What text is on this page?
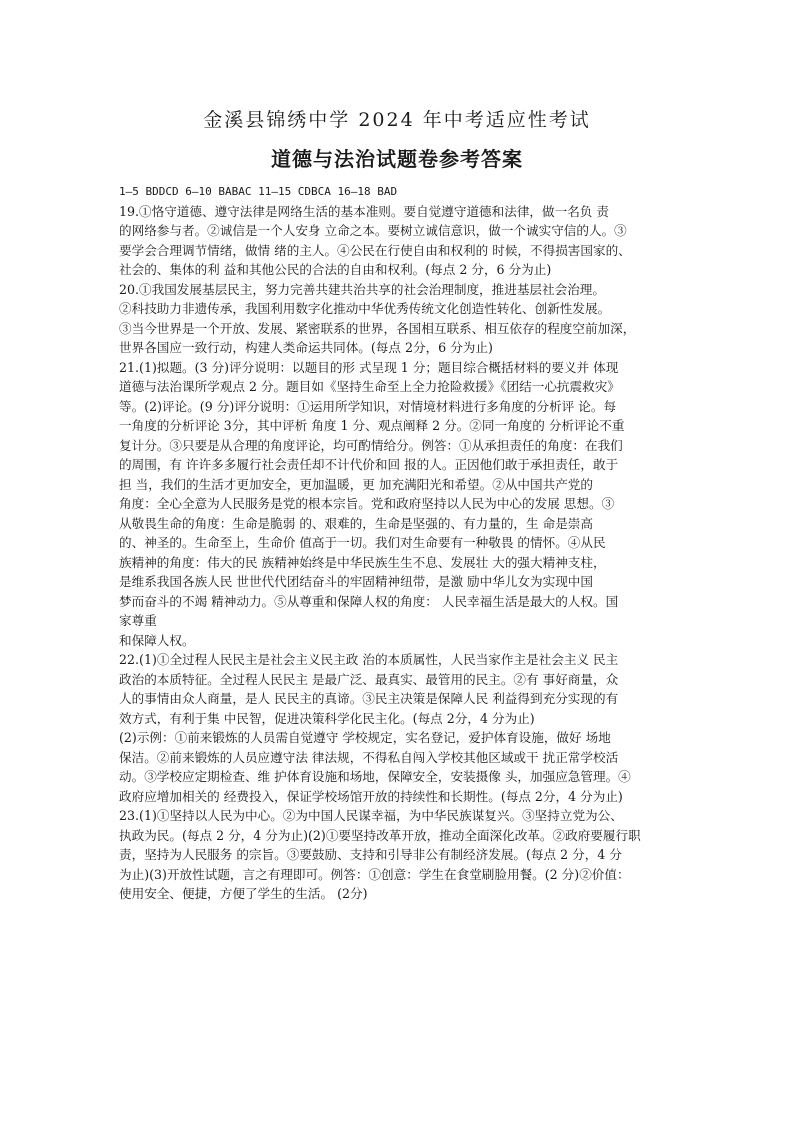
金溪县锦绣中学 2024 年中考适应性考试
道德与法治试题卷参考答案
1—5 BDDCD 6—10 BABAC 11—15 CDBCA 16—18 BAD
19.①恪守道德、遵守法律是网络生活的基本准则。要自觉遵守道德和法律，做一名负 责
的网络参与者。②诚信是一个人安身 立命之本。要树立诚信意识，做一个诚实守信的人。③
要学会合理调节情绪，做情 绪的主人。④公民在行使自由和权利的 时候，不得损害国家的、
社会的、集体的利 益和其他公民的合法的自由和权利。(每点 2 分，6 分为止)
20.①我国发展基层民主，努力完善共建共治共享的社会治理制度，推进基层社会治理。
②科技助力非遗传承，我国利用数字化推动中华优秀传统文化创造性转化、创新性发展。
③当今世界是一个开放、发展、紧密联系的世界，各国相互联系、相互依存的程度空前加深，
世界各国应一致行动，构建人类命运共同体。(每点 2分，6 分为止)
21.(1)拟题。(3 分)评分说明：以题目的形 式呈现 1 分；题目综合概括材料的要义并 体现
道德与法治课所学观点 2 分。题目如《坚持生命至上全力抢险救援》《团结一心抗震救灾》
等。(2)评论。(9 分)评分说明：①运用所学知识，对情境材料进行多角度的分析评 论。每
一角度的分析评论 3分，其中评析 角度 1 分、观点阐释 2 分。②同一角度的 分析评论不重
复计分。③只要是从合理的角度评论，均可酌情给分。例答：①从承担责任的角度：在我们
的周围，有 许许多多履行社会责任却不计代价和回 报的人。正因他们敢于承担责任，敢于
担 当，我们的生活才更加安全，更加温暖，更 加充满阳光和希望。②从中国共产党的
角度：全心全意为人民服务是党的根本宗旨。党和政府坚持以人民为中心的发展 思想。③
从敬畏生命的角度：生命是脆弱 的、艰难的，生命是坚强的、有力量的，生 命是崇高
的、神圣的。生命至上，生命价 值高于一切。我们对生命要有一种敬畏 的情怀。④从民
族精神的角度：伟大的民 族精神始终是中华民族生生不息、发展壮 大的强大精神支柱，
是维系我国各族人民 世世代代团结奋斗的牢固精神纽带，是激 励中华儿女为实现中国
梦而奋斗的不竭 精神动力。⑤从尊重和保障人权的角度： 人民幸福生活是最大的人权。国
家尊重
和保障人权。
22.(1)①全过程人民民主是社会主义民主政 治的本质属性，人民当家作主是社会主义 民主
政治的本质特征。全过程人民民主 是最广泛、最真实、最管用的民主。②有 事好商量，众
人的事情由众人商量，是人 民民主的真谛。③民主决策是保障人民 利益得到充分实现的有
效方式，有利于集 中民智，促进决策科学化民主化。(每点 2分，4 分为止)
(2)示例：①前来锻炼的人员需自觉遵守 学校规定，实名登记，爱护体育设施，做好 场地
保洁。②前来锻炼的人员应遵守法 律法规，不得私自闯入学校其他区域或干 扰正常学校活
动。③学校应定期检查、维 护体育设施和场地，保障安全，安装摄像 头，加强应急管理。④
政府应增加相关的 经费投入，保证学校场馆开放的持续性和长期性。(每点 2分，4 分为止)
23.(1)①坚持以人民为中心。②为中国人民谋幸福，为中华民族谋复兴。③坚持立党为公、
执政为民。(每点 2 分，4 分为止)(2)①要坚持改革开放，推动全面深化改革。②政府要履行职
责，坚持为人民服务 的宗旨。③要鼓励、支持和引导非公有制经济发展。(每点 2 分，4 分
为止)(3)开放性试题，言之有理即可。例答：①创意：学生在食堂刷脸用餐。(2 分)②价值：
使用安全、便捷，方便了学生的生活。 (2分)
